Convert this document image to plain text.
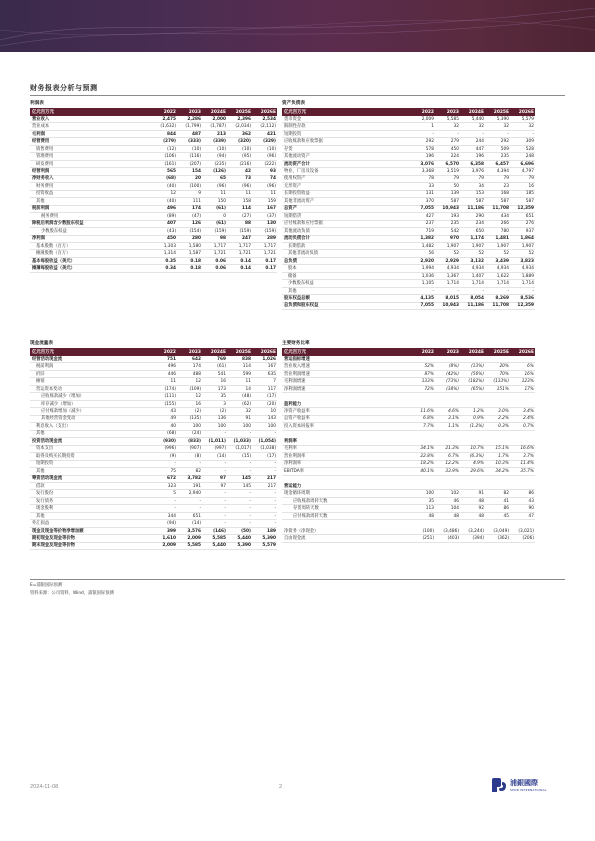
财务报表分析与预测
利润表
亿元百万元	2022	2023	2024E	2025E	2026E
营业收入	2,475	2,286	2,000	2,396	2,534
营业成本	(1,632)	(1,799)	(1,787)	(2,034)	(2,112)
毛利润	844	487	213	362	421
经营费用	(279)	(333)	(339)	(320)	(329)
销售费用	(12)	(10)	(10)	(10)	(10)
管理费用	(106)	(116)	(94)	(95)	(96)
研发费用	(161)	(207)	(235)	(216)	(222)
经营利润	565	154	(126)	42	93
净财务收入	(68)	20	65	73	74
财务费用	(40)	(100)	(96)	(96)	(96)
投资收益	12	9	11	11	11
其他	(40)	111	150	158	159
税前利润	496	174	(61)	114	167
税务费用	(89)	(47)	0	(27)	(37)
除税后利润含少数股东权益	407	126	(61)	88	130
少数股东权益	(43)	(154)	(159)	(159)	(159)
净利润	450	280	98	247	289
基本股数（百万）	1,303	1,580	1,717	1,717	1,717
摊薄股数（百万）	1,314	1,587	1,721	1,721	1,721
基本每股收益（美元）	0.35	0.18	0.06	0.14	0.17
摊薄每股收益（美元）	0.34	0.18	0.06	0.14	0.17
资产负债表
亿元百万元	2022	2023	2024E	2025E	2026E
货币资金	2,009	5,585	5,440	5,390	5,579
限制性存款	1	32	32	32	32
短期投资	-	-	-	-	-
应收账款和应收票据	292	279	244	292	309
存货	578	450	447	509	528
其他流动资产	196	224	196	235	248
流动资产合计	3,076	6,570	6,358	6,457	6,696
物业、厂房及设备	3,368	3,519	3,976	4,394	4,797
使用权资产	78	79	79	79	79
无形资产	33	50	34	23	16
长期投资收益	131	139	153	168	185
其他非流动资产	370	587	587	587	587
总资产	7,055	10,943	11,186	11,708	12,359
短期借贷	427	193	290	434	651
应付账款和应付票据	237	235	234	266	276
其他流动负债	719	542	650	780	937
流动负债合计	1,382	970	1,174	1,481	1,864
长期借款	1,482	1,907	1,907	1,907	1,907
其他非流动负债	56	52	52	52	52
总负债	2,920	2,929	3,132	3,439	3,823
股本	1,994	4,934	4,934	4,934	4,934
储备	1,036	1,367	1,407	1,622	1,889
少数股东权益	1,105	1,714	1,714	1,714	1,714
其他	-	-	-	-	-
股东权益总额	4,135	8,015	8,054	8,269	8,536
总负债和股东权益	7,055	10,943	11,186	11,708	12,359
现金流量表
亿元百万元	2022	2023	2024E	2025E	2026E
经营活动现金流	751	642	769	838	1,026
税前利润	496	174	(61)	114	167
折旧	446	488	541	599	635
摊销	11	12	16	11	7
营运资本变动	(174)	(109)	173	14	117
应收账款减少（增加）	(111)	12	35	(48)	(17)
库存减少（增加）	(155)	16	3	(62)	(20)
应付账款增加（减少）	43	(2)	(2)	32	10
其他经营资金变动	49	(135)	136	91	143
利息收入（支出）	40	100	100	100	100
其他	(68)	(24)	-	-	-
投资活动现金流	(930)	(833)	(1,011)	(1,033)	(1,054)
资本支出	(996)	(907)	(997)	(1,017)	(1,038)
取得及购买长期投资	(9)	(8)	(14)	(15)	(17)
短期投资	-	-	-	-	-
其他	75	82	-	-	-
筹资活动现金流	672	3,782	97	145	217
借款	323	191	97	145	217
发行股份	5	2,940	-	-	-
发行债务	-	-	-	-	-
现金股利	-	-	-	-	-
其他	344	651	-	-	-
外汇损益	(94)	(14)	-	-	-
现金及现金等价物净增加额	399	3,576	(146)	(50)	189
期初现金及现金等价物	1,610	2,009	5,585	5,440	5,390
期末现金及现金等价物	2,009	5,585	5,440	5,390	5,579
主要财务比率
亿元百万元	2022	2023	2024E	2025E	2026E
营运指标增速
营业收入增速	52%	(8%)	(13%)	20%	6%
营业利润增速	87%	(42%)	(56%)	70%	16%
毛利润增速	133%	(73%)	(182%)	(133%)	123%
净利润增速	72%	(38%)	(65%)	151%	17%
盈利能力
净资产收益率	11.6%	4.6%	1.2%	3.0%	3.4%
总资产收益率	6.8%	3.1%	0.9%	2.2%	2.4%
投入资本回报率	7.7%	1.1%	(1.2%)	0.3%	0.7%
利润率
毛利率	34.1%	21.3%	10.7%	15.1%	16.6%
营业利润率	22.8%	6.7%	(6.3%)	1.7%	3.7%
净利润率	18.2%	12.2%	4.9%	10.3%	11.4%
EBITDA率	40.1%	33.9%	29.6%	34.2%	35.7%
营运能力
现金循环周期	100	102	91	82	86
应收账款周转天数	35	46	48	41	43
存货周转天数	113	104	92	86	90
应付账款周转天数	48	48	48	45	47
净债务（净现金）	(100)	(3,486)	(3,244)	(3,049)	(3,021)
自由现金流	(251)	(403)	(394)	(362)	(206)
E=浦银国际预测
资料来源：公司资料、Wind、浦银国际预测
2024-11-08	2	浦銀國際
SPDB INTERNATIONAL
